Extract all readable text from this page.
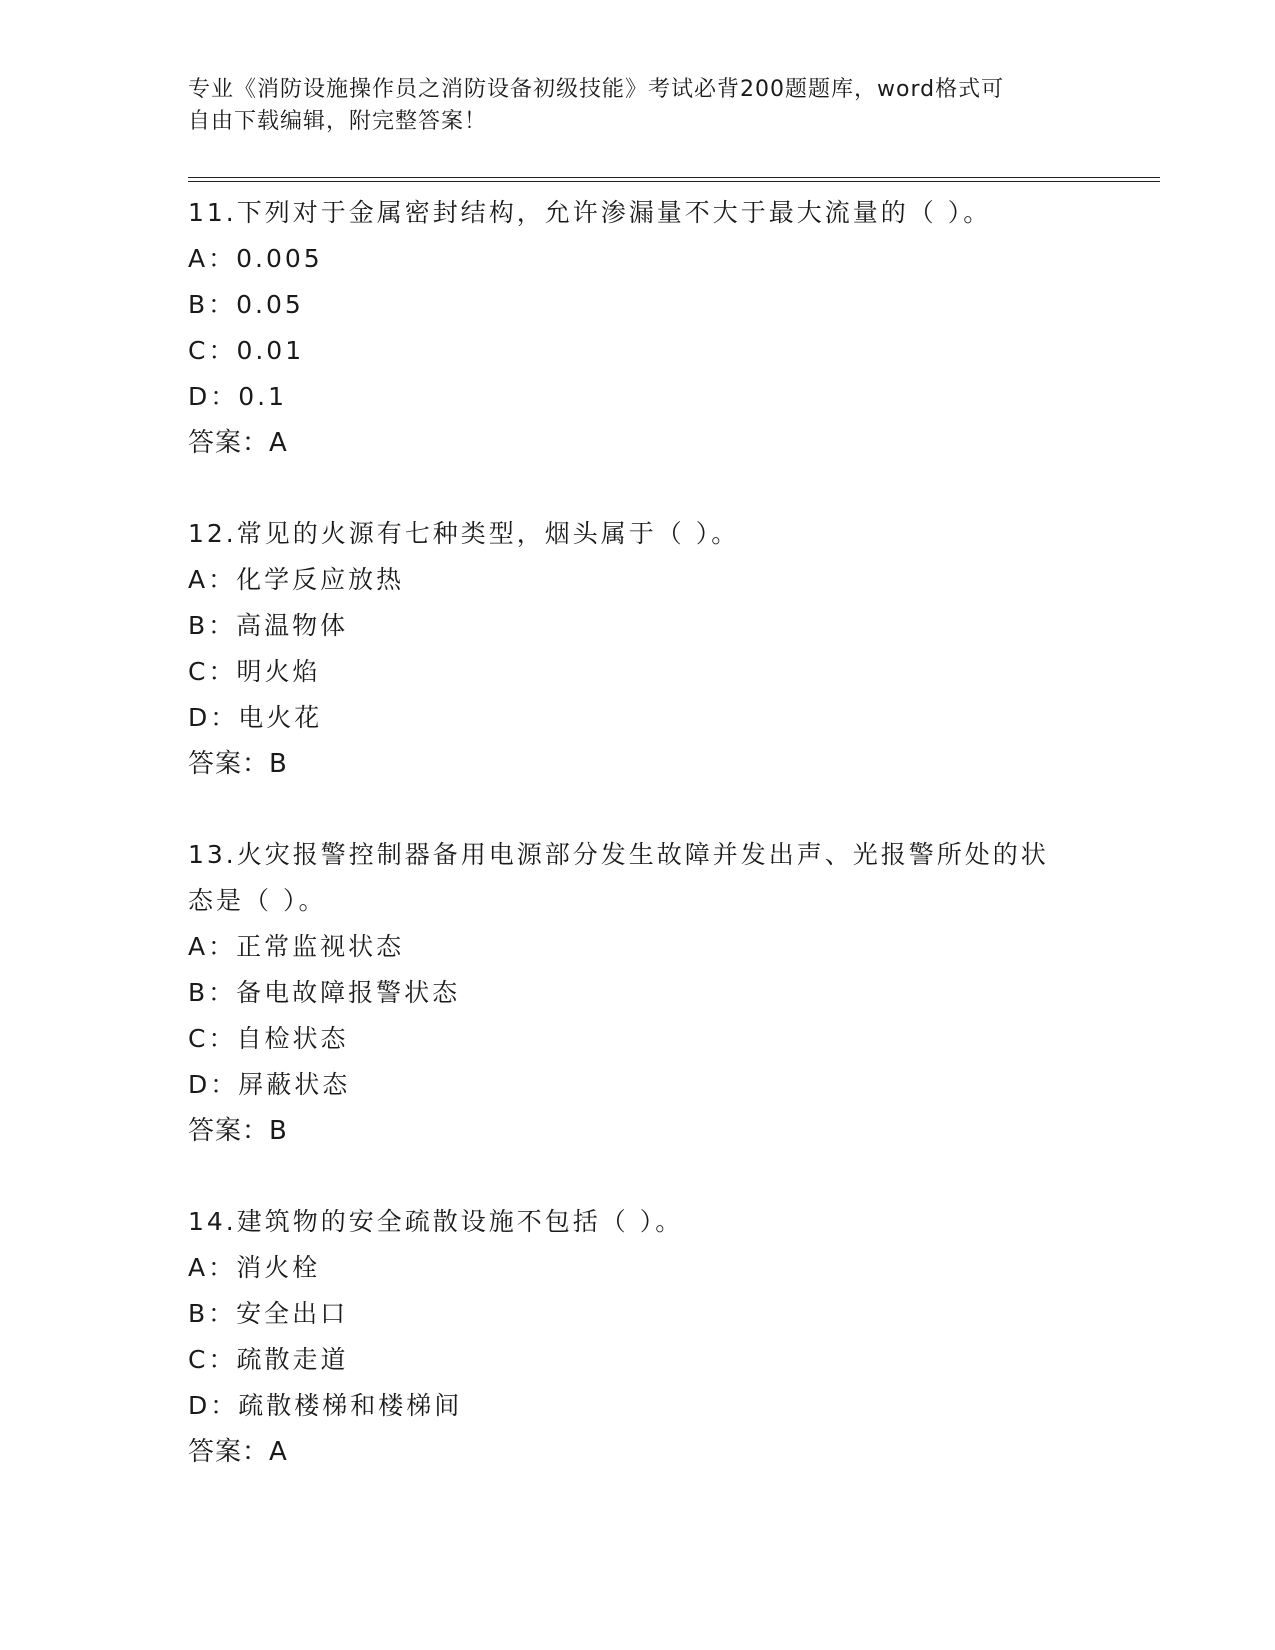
专业《消防设施操作员之消防设备初级技能》考试必背200题题库，word格式可
自由下载编辑，附完整答案！
11.下列对于金属密封结构，允许渗漏量不大于最大流量的（ ）。
A：0.005
B：0.05
C：0.01
D：0.1
答案：A
12.常见的火源有七种类型，烟头属于（ ）。
A：化学反应放热
B：高温物体
C：明火焰
D：电火花
答案：B
13.火灾报警控制器备用电源部分发生故障并发出声、光报警所处的状
态是（ ）。
A：正常监视状态
B：备电故障报警状态
C：自检状态
D：屏蔽状态
答案：B
14.建筑物的安全疏散设施不包括（ ）。
A：消火栓
B：安全出口
C：疏散走道
D：疏散楼梯和楼梯间
答案：A
